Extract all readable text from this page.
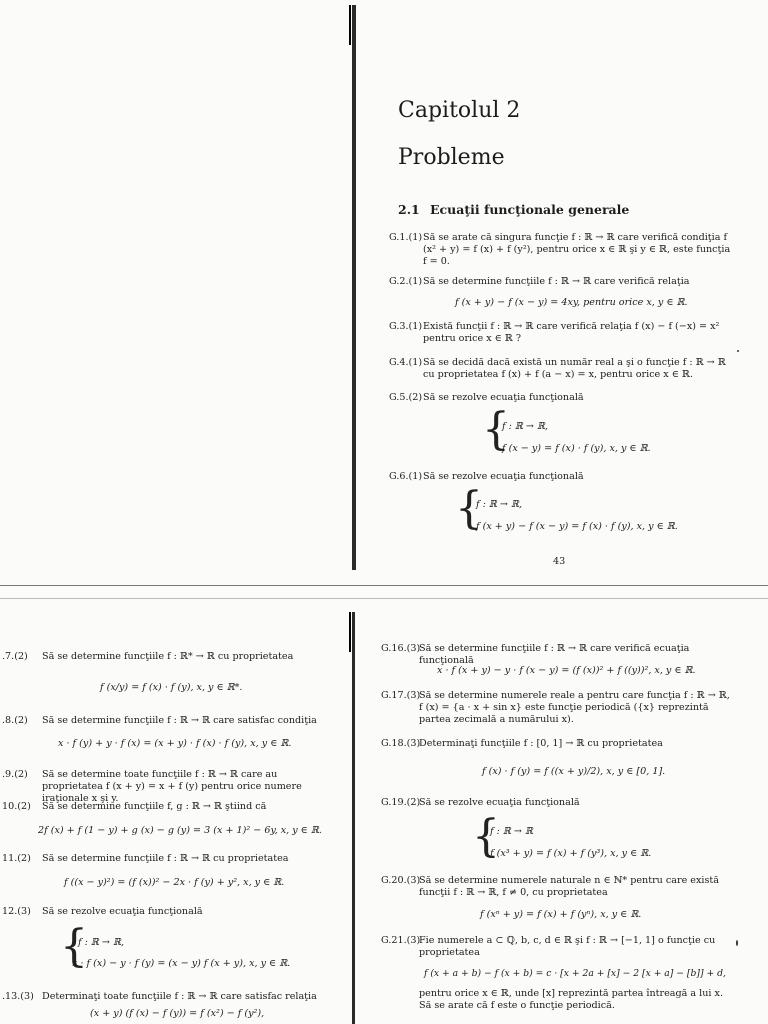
Capitolul 2
Probleme
2.1 Ecuaţii funcţionale generale
G.1.(1) Să se arate că singura funcţie f : ℝ → ℝ care verifică condiţia f (x² + y) = f (x) + f (y²), pentru orice x ∈ ℝ şi y ∈ ℝ, este funcţia f = 0.
G.2.(1) Să se determine funcţiile f : ℝ → ℝ care verifică relaţia
f (x + y) − f (x − y) = 4xy, pentru orice x, y ∈ ℝ.
G.3.(1) Există funcţii f : ℝ → ℝ care verifică relaţia f (x) − f (−x) = x² pentru orice x ∈ ℝ ?
G.4.(1) Să se decidă dacă există un număr real a şi o funcţie f : ℝ → ℝ cu proprietatea f (x) + f (a − x) = x, pentru orice x ∈ ℝ.
G.5.(2) Să se rezolve ecuaţia funcţională
{
f : ℝ → ℝ,
f (x − y) = f (x) · f (y), x, y ∈ ℝ.
G.6.(1) Să se rezolve ecuaţia funcţională
{
f : ℝ → ℝ,
f (x + y) − f (x − y) = f (x) · f (y), x, y ∈ ℝ.
43
.7.(2) Să se determine funcţiile f : ℝ* → ℝ cu proprietatea
f (x/y) = f (x) · f (y), x, y ∈ ℝ*.
.8.(2) Să se determine funcţiile f : ℝ → ℝ care satisfac condiţia
x · f (y) + y · f (x) = (x + y) · f (x) · f (y), x, y ∈ ℝ.
.9.(2) Să se determine toate funcţiile f : ℝ → ℝ care au proprietatea f (x + y) = x + f (y) pentru orice numere iraţionale x şi y.
10.(2) Să se determine funcţiile f, g : ℝ → ℝ ştiind că
2f (x) + f (1 − y) + g (x) − g (y) = 3 (x + 1)² − 6y, x, y ∈ ℝ.
11.(2) Să se determine funcţiile f : ℝ → ℝ cu proprietatea
f ((x − y)²) = (f (x))² − 2x · f (y) + y², x, y ∈ ℝ.
12.(3) Să se rezolve ecuaţia funcţională
{
f : ℝ → ℝ,
x · f (x) − y · f (y) = (x − y) f (x + y), x, y ∈ ℝ.
.13.(3) Determinaţi toate funcţiile f : ℝ → ℝ care satisfac relaţia
(x + y) (f (x) − f (y)) = f (x²) − f (y²),
G.16.(3)
Să se determine funcţiile f : ℝ → ℝ care verifică ecuaţia funcţională
x · f (x + y) − y · f (x − y) = (f (x))² + f ((y))², x, y ∈ ℝ.
G.17.(3)
Să se determine numerele reale a pentru care funcţia f : ℝ → ℝ, f (x) = {a · x + sin x} este funcţie periodică ({x} reprezintă partea zecimală a numărului x).
G.18.(3)
Determinaţi funcţiile f : [0, 1] → ℝ cu proprietatea
f (x) · f (y) = f ((x + y)/2), x, y ∈ [0, 1].
G.19.(2)
Să se rezolve ecuaţia funcţională
{
f : ℝ → ℝ
f (x³ + y) = f (x) + f (y³), x, y ∈ ℝ.
G.20.(3)
Să se determine numerele naturale n ∈ ℕ* pentru care există funcţii f : ℝ → ℝ, f ≠ 0, cu proprietatea
f (xⁿ + y) = f (x) + f (yⁿ), x, y ∈ ℝ.
G.21.(3)
Fie numerele a ⊂ ℚ, b, c, d ∈ ℝ şi f : ℝ → [−1, 1] o funcţie cu proprietatea
f (x + a + b) − f (x + b) = c · [x + 2a + [x] − 2 [x + a] − [b]] + d,
pentru orice x ∈ ℝ, unde [x] reprezintă partea întreagă a lui x. Să se arate că f este o funcţie periodică.
